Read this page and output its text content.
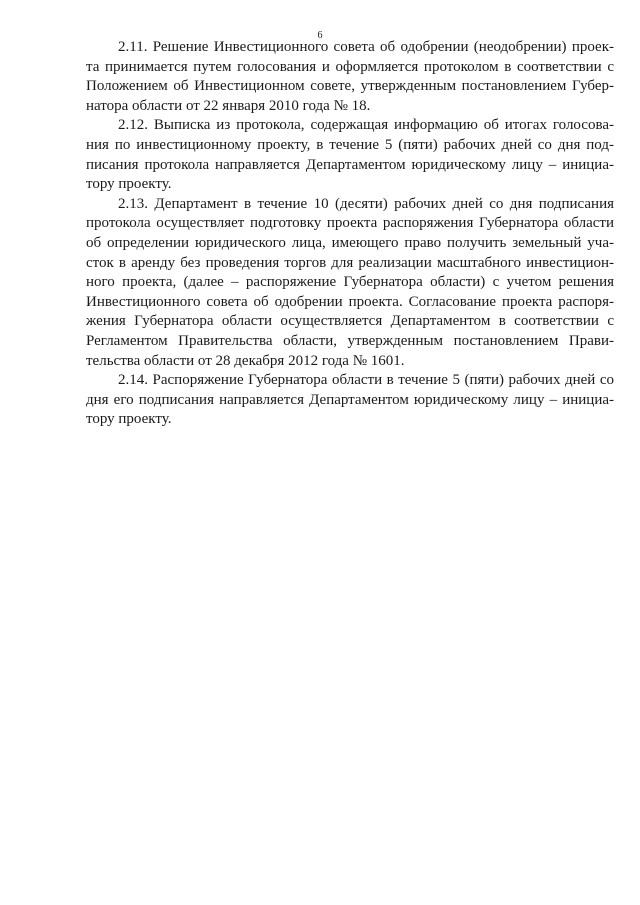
6
2.11. Решение Инвестиционного совета об одобрении (неодобрении) проек-
та принимается путем голосования и оформляется протоколом в соответствии с
Положением об Инвестиционном совете, утвержденным постановлением Губер-
натора области от 22 января 2010 года № 18.
2.12. Выписка из протокола, содержащая информацию об итогах голосова-
ния по инвестиционному проекту, в течение 5 (пяти) рабочих дней со дня под-
писания протокола направляется Департаментом юридическому лицу – инициа-
тору проекту.
2.13. Департамент в течение 10 (десяти) рабочих дней со дня подписания
протокола осуществляет подготовку проекта распоряжения Губернатора области
об определении юридического лица, имеющего право получить земельный уча-
сток в аренду без проведения торгов для реализации масштабного инвестицион-
ного проекта, (далее – распоряжение Губернатора области) с учетом решения
Инвестиционного совета об одобрении проекта. Согласование проекта распоря-
жения Губернатора области осуществляется Департаментом в соответствии с
Регламентом Правительства области, утвержденным постановлением Прави-
тельства области от 28 декабря 2012 года № 1601.
2.14. Распоряжение Губернатора области в течение 5 (пяти) рабочих дней со
дня его подписания направляется Департаментом юридическому лицу – инициа-
тору проекту.
